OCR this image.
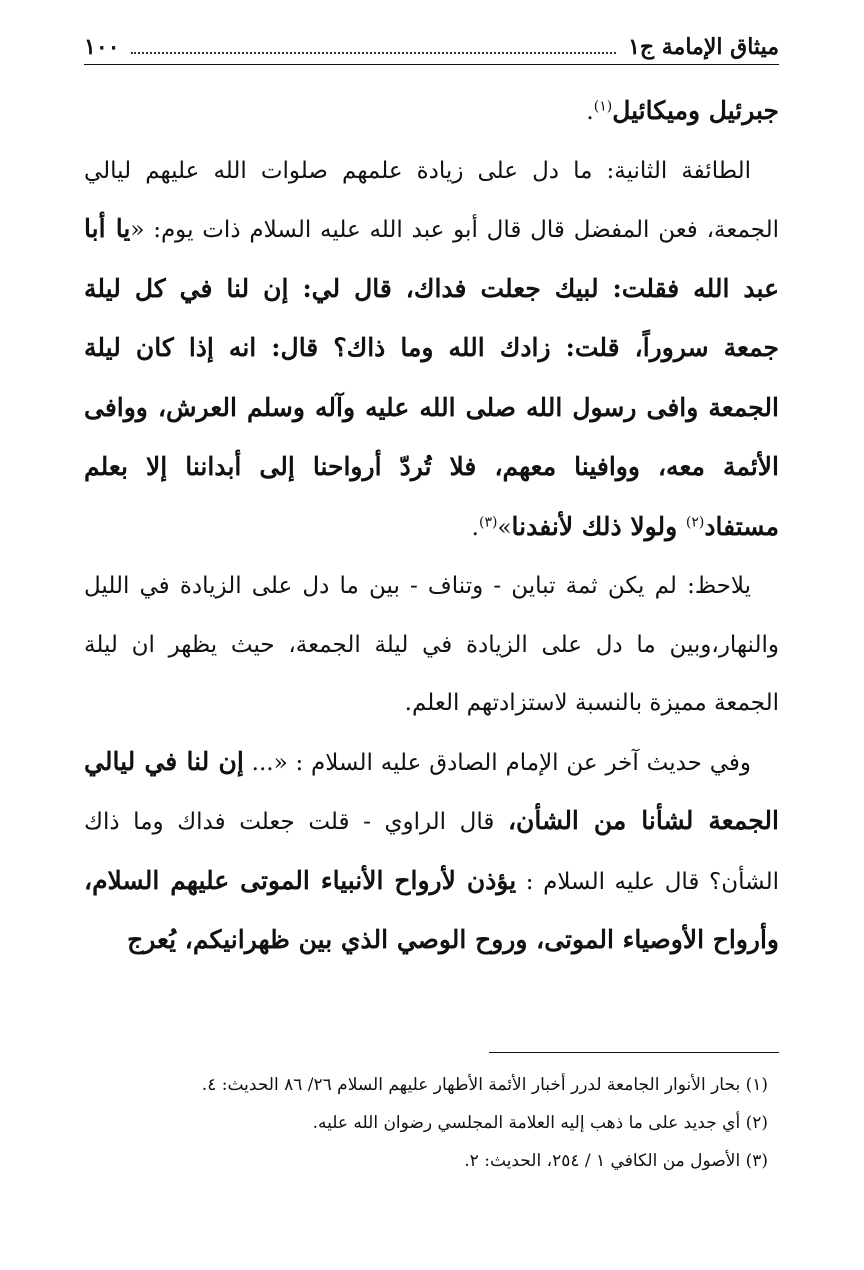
ميثاق الإمامة ج١
١٠٠

جبرئيل وميكائيل$^{(١)}$.

الطائفة الثانية: ما دل على زيادة علمهم صلوات الله عليهم ليالي الجمعة، فعن المفضل قال قال أبو عبد الله عليه السلام ذات يوم: «يا أبا عبد الله فقلت: لبيك جعلت فداك، قال لي: إن لنا في كل ليلة جمعة سروراً، قلت: زادك الله وما ذاك؟ قال: انه إذا كان ليلة الجمعة وافى رسول الله صلى الله عليه وآله وسلم العرش، ووافى الأئمة معه، ووافينا معهم، فلا تُردّ أرواحنا إلى أبداننا إلا بعلم مستفاد$^{(٢)}$ ولولا ذلك لأنفدنا»$^{(٣)}$.

يلاحظ: لم يكن ثمة تباين - وتناف - بين ما دل على الزيادة في الليل والنهار،وبين ما دل على الزيادة في ليلة الجمعة، حيث يظهر ان ليلة الجمعة مميزة بالنسبة لاستزادتهم العلم.

وفي حديث آخر عن الإمام الصادق عليه السلام : «... إن لنا في ليالي الجمعة لشأنا من الشأن، قال الراوي - قلت جعلت فداك وما ذاك الشأن؟ قال عليه السلام : يؤذن لأرواح الأنبياء الموتى عليهم السلام، وأرواح الأوصياء الموتى، وروح الوصي الذي بين ظهرانيكم، يُعرج

(١) بحار الأنوار الجامعة لدرر أخبار الأئمة الأطهار عليهم السلام ٢٦/ ٨٦ الحديث: ٤.

(٢) أي جديد على ما ذهب إليه العلامة المجلسي رضوان الله عليه.

(٣) الأصول من الكافي ١ / ٢٥٤، الحديث: ٢.
